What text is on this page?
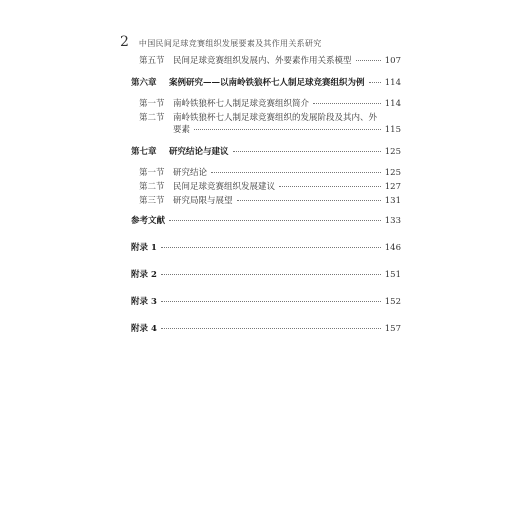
2 中国民间足球竞赛组织发展要素及其作用关系研究
第五节 民间足球竞赛组织发展内、外要素作用关系模型	107
第六章	案例研究——以南岭铁狼杯七人制足球竞赛组织为例 114
第一节 南岭铁狼杯七人制足球竞赛组织简介	114
第二节 南岭铁狼杯七人制足球竞赛组织的发展阶段及其内、外
要素	115
第七章	研究结论与建议	125
第一节 研究结论	125
第二节 民间足球竞赛组织发展建议	127
第三节 研究局限与展望	131
参考文献	133
附录 1	146
附录 2	151
附录 3	152
附录 4	157
